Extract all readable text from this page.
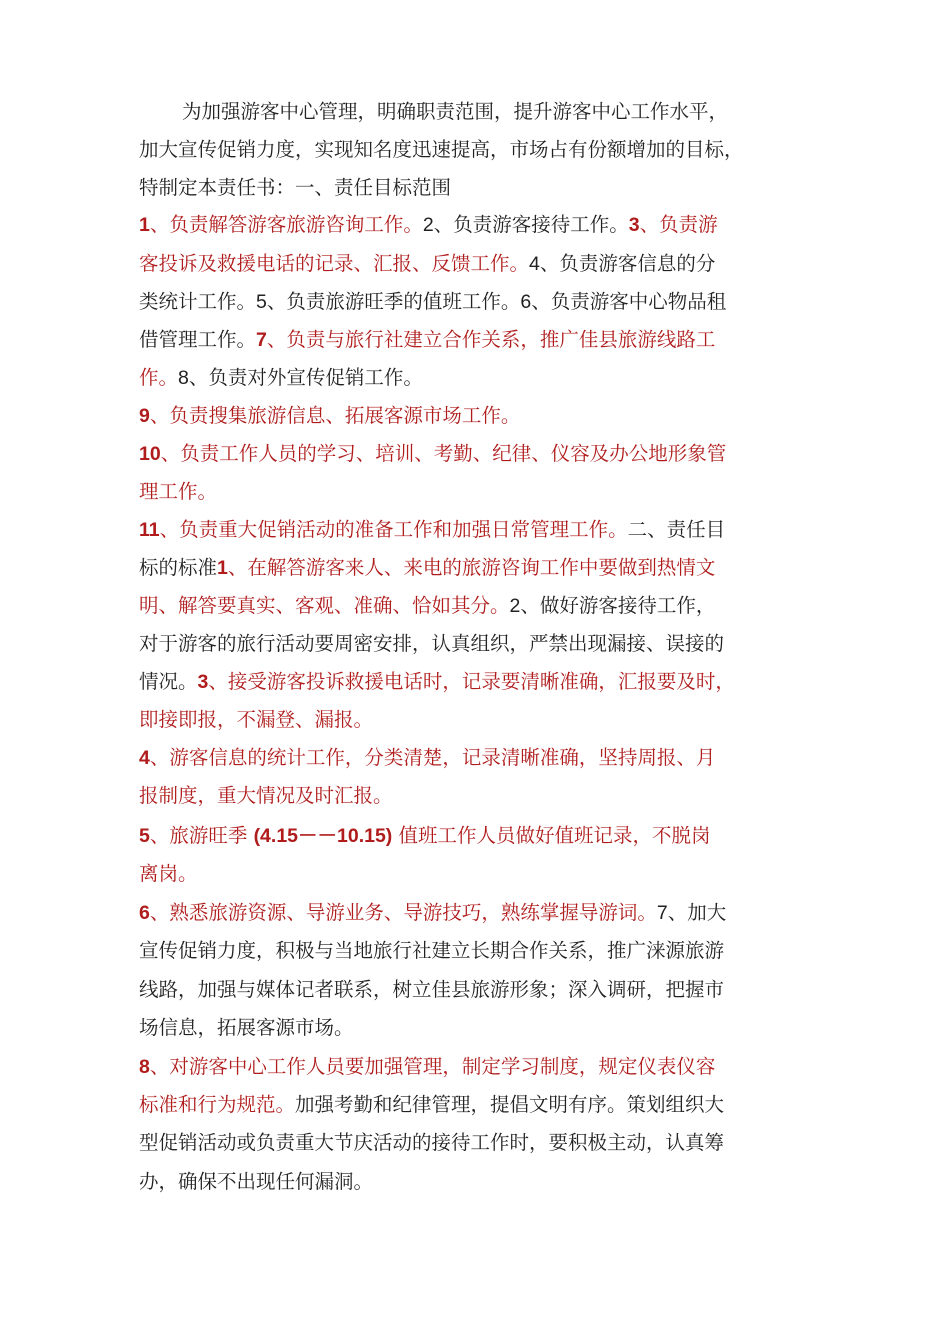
为加强游客中心管理，明确职责范围，提升游客中心工作水平，

加大宣传促销力度，实现知名度迅速提高，市场占有份额增加的目标，

特制定本责任书：一、责任目标范围

1、负责解答游客旅游咨询工作。2、负责游客接待工作。3、负责游

客投诉及救援电话的记录、汇报、反馈工作。4、负责游客信息的分

类统计工作。5、负责旅游旺季的值班工作。6、负责游客中心物品租

借管理工作。7、负责与旅行社建立合作关系，推广佳县旅游线路工

作。8、负责对外宣传促销工作。

9、负责搜集旅游信息、拓展客源市场工作。

10、负责工作人员的学习、培训、考勤、纪律、仪容及办公地形象管

理工作。

11、负责重大促销活动的准备工作和加强日常管理工作。二、责任目

标的标准1、在解答游客来人、来电的旅游咨询工作中要做到热情文

明、解答要真实、客观、准确、恰如其分。2、做好游客接待工作，

对于游客的旅行活动要周密安排，认真组织，严禁出现漏接、误接的

情况。3、接受游客投诉救援电话时，记录要清晰准确，汇报要及时，

即接即报，不漏登、漏报。

4、游客信息的统计工作，分类清楚，记录清晰准确，坚持周报、月

报制度，重大情况及时汇报。

5、旅游旺季 (4.15－－10.15) 值班工作人员做好值班记录，不脱岗

离岗。

6、熟悉旅游资源、导游业务、导游技巧，熟练掌握导游词。7、加大

宣传促销力度，积极与当地旅行社建立长期合作关系，推广涞源旅游

线路，加强与媒体记者联系，树立佳县旅游形象；深入调研，把握市

场信息，拓展客源市场。

8、对游客中心工作人员要加强管理，制定学习制度，规定仪表仪容

标准和行为规范。加强考勤和纪律管理，提倡文明有序。策划组织大

型促销活动或负责重大节庆活动的接待工作时，要积极主动，认真筹

办，确保不出现任何漏洞。
